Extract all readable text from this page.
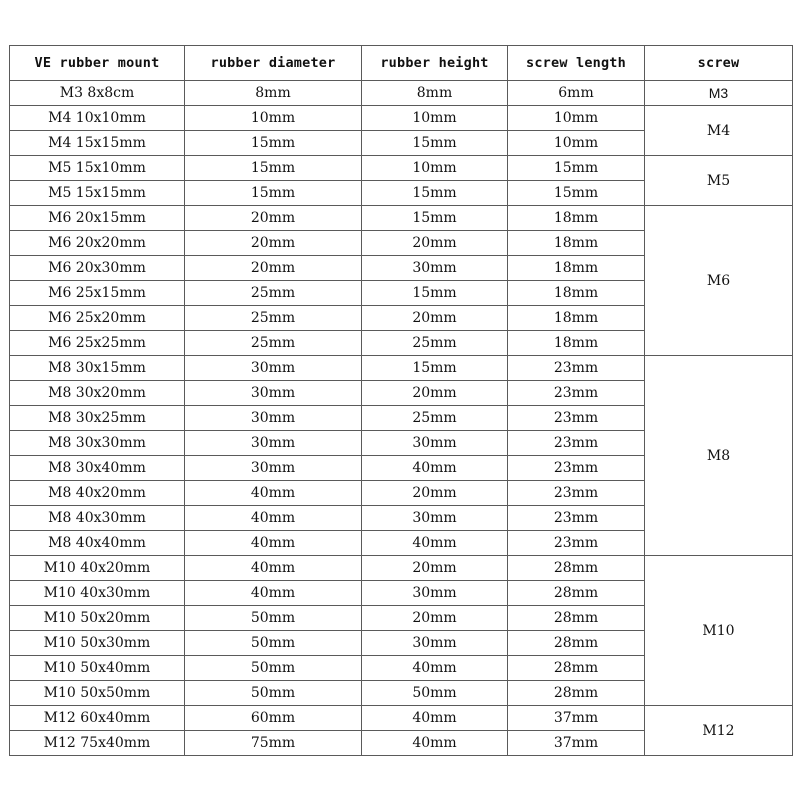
VE rubber mount	rubber diameter	rubber height	screw length	screw
M3 8x8cm	8mm	8mm	6mm	M3
M4 10x10mm	10mm	10mm	10mm	M4
M4 15x15mm	15mm	15mm	10mm	
M5 15x10mm	15mm	10mm	15mm	M5
M5 15x15mm	15mm	15mm	15mm	
M6 20x15mm	20mm	15mm	18mm	M6
M6 20x20mm	20mm	20mm	18mm	
M6 20x30mm	20mm	30mm	18mm	
M6 25x15mm	25mm	15mm	18mm	
M6 25x20mm	25mm	20mm	18mm	
M6 25x25mm	25mm	25mm	18mm	
M8 30x15mm	30mm	15mm	23mm	M8
M8 30x20mm	30mm	20mm	23mm	
M8 30x25mm	30mm	25mm	23mm	
M8 30x30mm	30mm	30mm	23mm	
M8 30x40mm	30mm	40mm	23mm	
M8 40x20mm	40mm	20mm	23mm	
M8 40x30mm	40mm	30mm	23mm	
M8 40x40mm	40mm	40mm	23mm	
M10 40x20mm	40mm	20mm	28mm	M10
M10 40x30mm	40mm	30mm	28mm	
M10 50x20mm	50mm	20mm	28mm	
M10 50x30mm	50mm	30mm	28mm	
M10 50x40mm	50mm	40mm	28mm	
M10 50x50mm	50mm	50mm	28mm	
M12 60x40mm	60mm	40mm	37mm	M12
M12 75x40mm	75mm	40mm	37mm	
